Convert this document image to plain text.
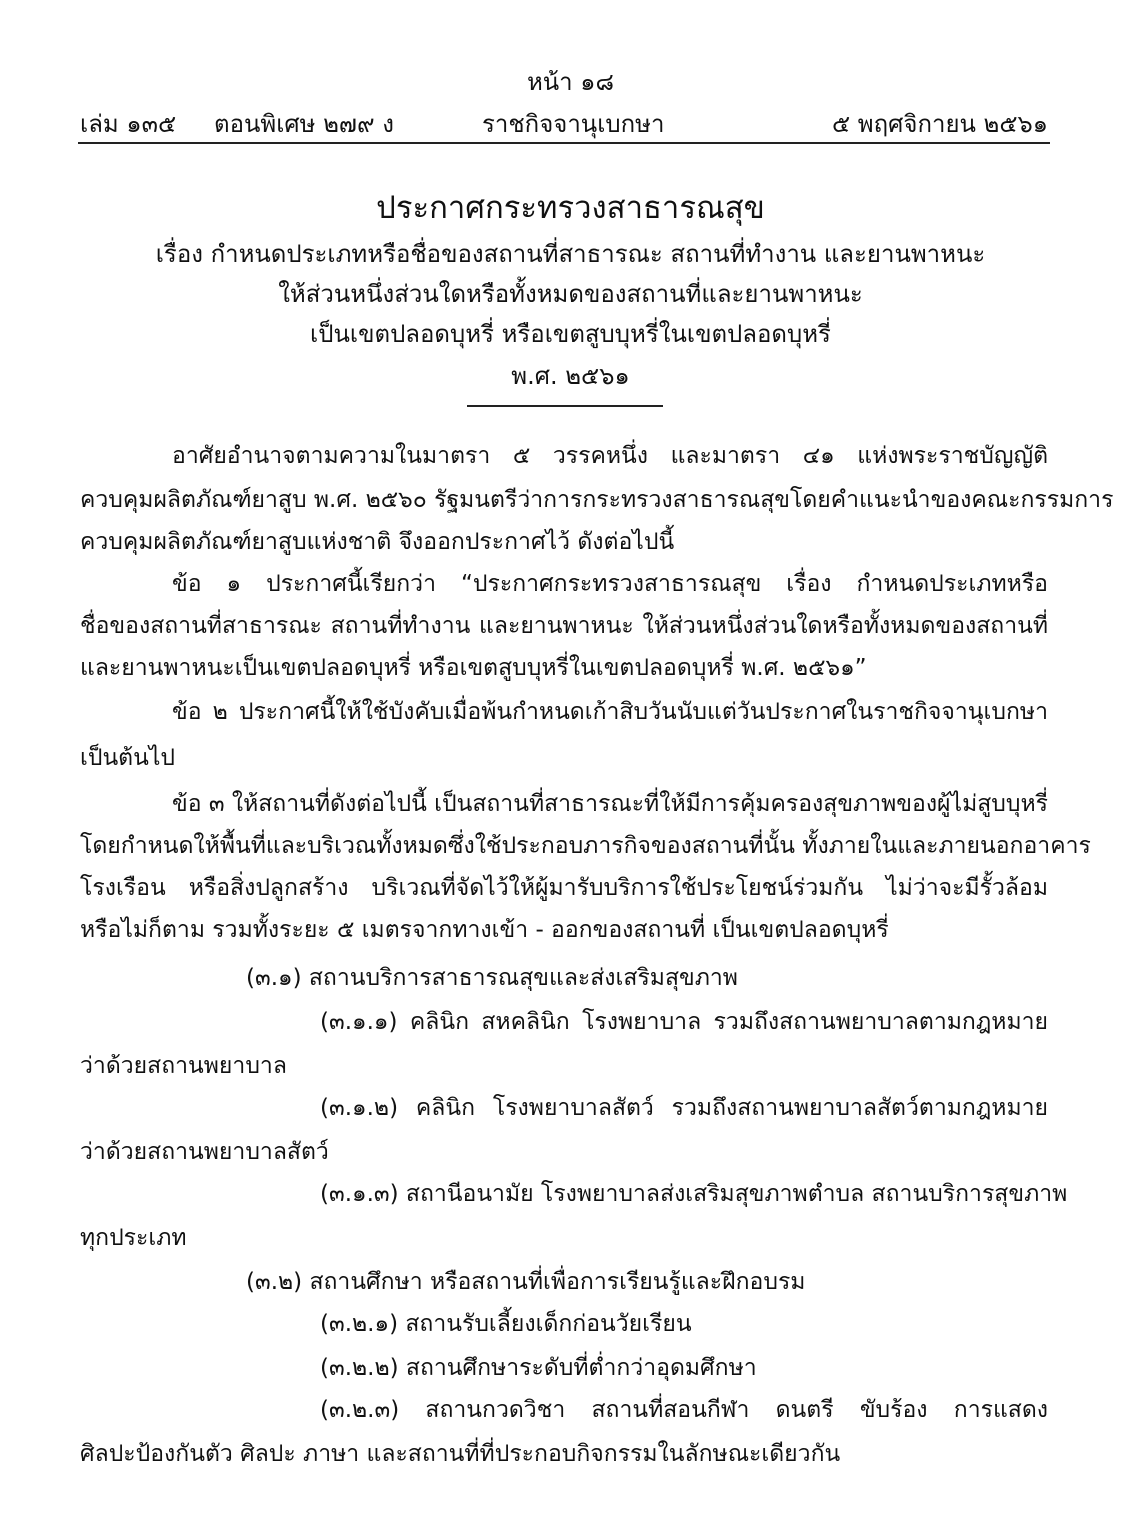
หน้า ๑๘
เล่ม ๑๓๕ ตอนพิเศษ ๒๗๙ ง	ราชกิจจานุเบกษา	๕ พฤศจิกายน ๒๕๖๑
ประกาศกระทรวงสาธารณสุข
เรื่อง กำหนดประเภทหรือชื่อของสถานที่สาธารณะ สถานที่ทำงาน และยานพาหนะ
ให้ส่วนหนึ่งส่วนใดหรือทั้งหมดของสถานที่และยานพาหนะ
เป็นเขตปลอดบุหรี่ หรือเขตสูบบุหรี่ในเขตปลอดบุหรี่
พ.ศ. ๒๕๖๑
อาศัยอำนาจตามความในมาตรา ๕ วรรคหนึ่ง และมาตรา ๔๑ แห่งพระราชบัญญัติ
ควบคุมผลิตภัณฑ์ยาสูบ พ.ศ. ๒๕๖๐ รัฐมนตรีว่าการกระทรวงสาธารณสุขโดยคำแนะนำของคณะกรรมการ
ควบคุมผลิตภัณฑ์ยาสูบแห่งชาติ จึงออกประกาศไว้ ดังต่อไปนี้
ข้อ ๑ ประกาศนี้เรียกว่า “ประกาศกระทรวงสาธารณสุข เรื่อง กำหนดประเภทหรือ
ชื่อของสถานที่สาธารณะ สถานที่ทำงาน และยานพาหนะ ให้ส่วนหนึ่งส่วนใดหรือทั้งหมดของสถานที่
และยานพาหนะเป็นเขตปลอดบุหรี่ หรือเขตสูบบุหรี่ในเขตปลอดบุหรี่ พ.ศ. ๒๕๖๑”
ข้อ ๒ ประกาศนี้ให้ใช้บังคับเมื่อพ้นกำหนดเก้าสิบวันนับแต่วันประกาศในราชกิจจานุเบกษา
เป็นต้นไป
ข้อ ๓ ให้สถานที่ดังต่อไปนี้ เป็นสถานที่สาธารณะที่ให้มีการคุ้มครองสุขภาพของผู้ไม่สูบบุหรี่
โดยกำหนดให้พื้นที่และบริเวณทั้งหมดซึ่งใช้ประกอบภารกิจของสถานที่นั้น ทั้งภายในและภายนอกอาคาร
โรงเรือน หรือสิ่งปลูกสร้าง บริเวณที่จัดไว้ให้ผู้มารับบริการใช้ประโยชน์ร่วมกัน ไม่ว่าจะมีรั้วล้อม
หรือไม่ก็ตาม รวมทั้งระยะ ๕ เมตรจากทางเข้า - ออกของสถานที่ เป็นเขตปลอดบุหรี่
(๓.๑) สถานบริการสาธารณสุขและส่งเสริมสุขภาพ
(๓.๑.๑) คลินิก สหคลินิก โรงพยาบาล รวมถึงสถานพยาบาลตามกฎหมาย
ว่าด้วยสถานพยาบาล
(๓.๑.๒) คลินิก โรงพยาบาลสัตว์ รวมถึงสถานพยาบาลสัตว์ตามกฎหมาย
ว่าด้วยสถานพยาบาลสัตว์
(๓.๑.๓) สถานีอนามัย โรงพยาบาลส่งเสริมสุขภาพตำบล สถานบริการสุขภาพ
ทุกประเภท
(๓.๒) สถานศึกษา หรือสถานที่เพื่อการเรียนรู้และฝึกอบรม
(๓.๒.๑) สถานรับเลี้ยงเด็กก่อนวัยเรียน
(๓.๒.๒) สถานศึกษาระดับที่ต่ำกว่าอุดมศึกษา
(๓.๒.๓) สถานกวดวิชา สถานที่สอนกีฬา ดนตรี ขับร้อง การแสดง
ศิลปะป้องกันตัว ศิลปะ ภาษา และสถานที่ที่ประกอบกิจกรรมในลักษณะเดียวกัน
